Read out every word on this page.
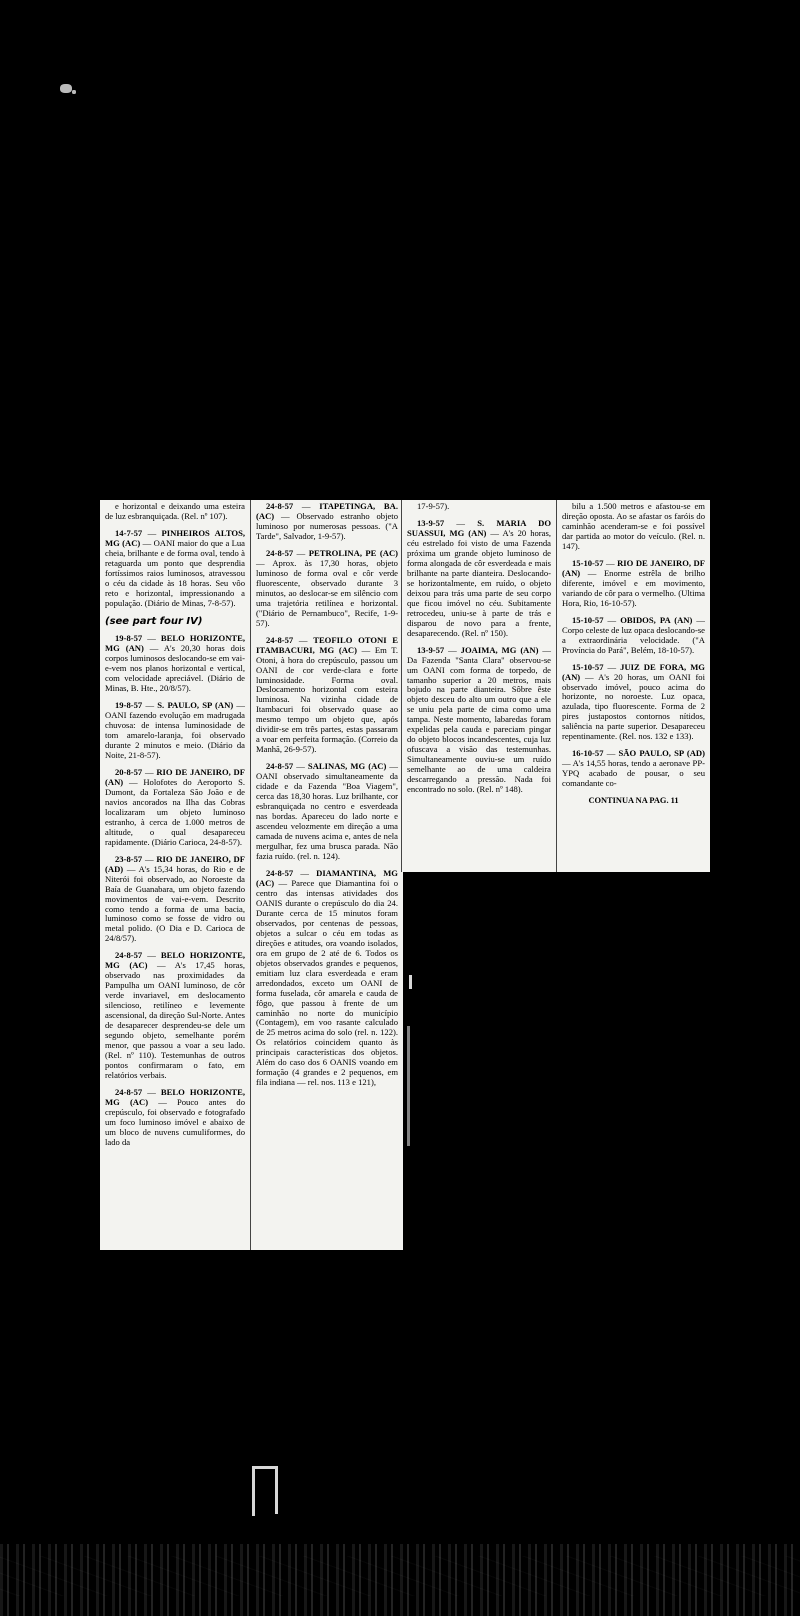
e horizontal e deixando uma esteira de luz esbranquiçada. (Rel. nº 107).

14-7-57 — PINHEIROS ALTOS, MG (AC) — OANI maior do que a Lua cheia, brilhante e de forma oval, tendo à retaguarda um ponto que desprendia fortíssimos raios luminosos, atravessou o céu da cidade às 18 horas. Seu vôo reto e horizontal, impressionando a população. (Diário de Minas, 7-8-57).

(see part four IV)

19-8-57 — BELO HORIZONTE, MG (AN) — A's 20,30 horas dois corpos luminosos deslocando-se em vai-e-vem nos planos horizontal e vertical, com velocidade apreciável. (Diário de Minas, B. Hte., 20/8/57).

19-8-57 — S. PAULO, SP (AN) — OANI fazendo evolução em madrugada chuvosa: de intensa luminosidade de tom amarelo-laranja, foi observado durante 2 minutos e meio. (Diário da Noite, 21-8-57).

20-8-57 — RIO DE JANEIRO, DF (AN) — Holofotes do Aeroporto S. Dumont, da Fortaleza São João e de navios ancorados na Ilha das Cobras localizaram um objeto luminoso estranho, à cerca de 1.000 metros de altitude, o qual desapareceu rapidamente. (Diário Carioca, 24-8-57).

23-8-57 — RIO DE JANEIRO, DF (AD) — A's 15,34 horas, do Rio e de Niterói foi observado, ao Noroeste da Baía de Guanabara, um objeto fazendo movimentos de vai-e-vem. Descrito como tendo a forma de uma bacia, luminoso como se fosse de vidro ou metal polido. (O Dia e D. Carioca de 24/8/57).

24-8-57 — BELO HORIZONTE, MG (AC) — A's 17,45 horas, observado nas proximidades da Pampulha um OANI luminoso, de côr verde invariavel, em deslocamento silencioso, retilíneo e levemente ascensional, da direção Sul-Norte. Antes de desaparecer desprendeu-se dele um segundo objeto, semelhante porém menor, que passou a voar a seu lado. (Rel. nº 110). Testemunhas de outros pontos confirmaram o fato, em relatórios verbais.

24-8-57 — BELO HORIZONTE, MG (AC) — Pouco antes do crepúsculo, foi observado e fotografado um foco luminoso imóvel e abaixo de um bloco de nuvens cumuliformes, do lado da

24-8-57 — ITAPETINGA, BA. (AC) — Observado estranho objeto luminoso por numerosas pessoas. ("A Tarde", Salvador, 1-9-57).

24-8-57 — PETROLINA, PE (AC) — Aprox. às 17,30 horas, objeto luminoso de forma oval e côr verde fluorescente, observado durante 3 minutos, ao deslocar-se em silêncio com uma trajetória retilínea e horizontal. ("Diário de Pernambuco", Recife, 1-9-57).

24-8-57 — TEOFILO OTONI E ITAMBACURI, MG (AC) — Em T. Otoni, à hora do crepúsculo, passou um OANI de cor verde-clara e forte luminosidade. Forma oval. Deslocamento horizontal com esteira luminosa. Na vizinha cidade de Itambacuri foi observado quase ao mesmo tempo um objeto que, após dividir-se em três partes, estas passaram a voar em perfeita formação. (Correio da Manhã, 26-9-57).

24-8-57 — SALINAS, MG (AC) — OANI observado simultaneamente da cidade e da Fazenda "Boa Viagem", cerca das 18,30 horas. Luz brilhante, cor esbranquiçada no centro e esverdeada nas bordas. Apareceu do lado norte e ascendeu velozmente em direção a uma camada de nuvens acima e, antes de nela mergulhar, fez uma brusca parada. Não fazia ruído. (rel. n. 124).

24-8-57 — DIAMANTINA, MG (AC) — Parece que Diamantina foi o centro das intensas atividades dos OANIS durante o crepúsculo do dia 24. Durante cerca de 15 minutos foram observados, por centenas de pessoas, objetos a sulcar o céu em todas as direções e atitudes, ora voando isolados, ora em grupo de 2 até de 6. Todos os objetos observados grandes e pequenos, emitiam luz clara esverdeada e eram arredondados, exceto um OANI de forma fuselada, côr amarela e cauda de fôgo, que passou à frente de um caminhão no norte do município (Contagem), em voo rasante calculado de 25 metros acima do solo (rel. n. 122). Os relatórios coincidem quanto às principais características dos objetos. Além do caso dos 6 OANIS voando em formação (4 grandes e 2 pequenos, em fila indiana — rel. nos. 113 e 121),

17-9-57).

13-9-57 — S. MARIA DO SUASSUI, MG (AN) — A's 20 horas, céu estrelado foi visto de uma Fazenda próxima um grande objeto luminoso de forma alongada de côr esverdeada e mais brilhante na parte dianteira. Deslocando-se horizontalmente, em ruído, o objeto deixou para trás uma parte de seu corpo que ficou imóvel no céu. Subitamente retrocedeu, uniu-se à parte de trás e disparou de novo para a frente, desaparecendo. (Rel. nº 150).

13-9-57 — JOAIMA, MG (AN) — Da Fazenda "Santa Clara" observou-se um OANI com forma de torpedo, de tamanho superior a 20 metros, mais bojudo na parte dianteira. Sôbre êste objeto desceu do alto um outro que a ele se uniu pela parte de cima como uma tampa. Neste momento, labaredas foram expelidas pela cauda e pareciam pingar do objeto blocos incandescentes, cuja luz ofuscava a visão das testemunhas. Simultaneamente ouviu-se um ruído semelhante ao de uma caldeira descarregando a pressão. Nada foi encontrado no solo. (Rel. nº 148).

bilu a 1.500 metros e afastou-se em direção oposta. Ao se afastar os faróis do caminhão acenderam-se e foi possível dar partida ao motor do veículo. (Rel. n. 147).

15-10-57 — RIO DE JANEIRO, DF (AN) — Enorme estrêla de brilho diferente, imóvel e em movimento, variando de côr para o vermelho. (Ultima Hora, Rio, 16-10-57).

15-10-57 — OBIDOS, PA (AN) — Corpo celeste de luz opaca deslocando-se a extraordinária velocidade. ("A Província do Pará", Belém, 18-10-57).

15-10-57 — JUIZ DE FORA, MG (AN) — A's 20 horas, um OANI foi observado imóvel, pouco acima do horizonte, no noroeste. Luz opaca, azulada, tipo fluorescente. Forma de 2 pires justapostos contornos nítidos, saliência na parte superior. Desapareceu repentinamente. (Rel. nos. 132 e 133).

16-10-57 — SÃO PAULO, SP (AD) — A's 14,55 horas, tendo a aeronave PP-YPQ acabado de pousar, o seu comandante co-

CONTINUA NA PAG. 11
